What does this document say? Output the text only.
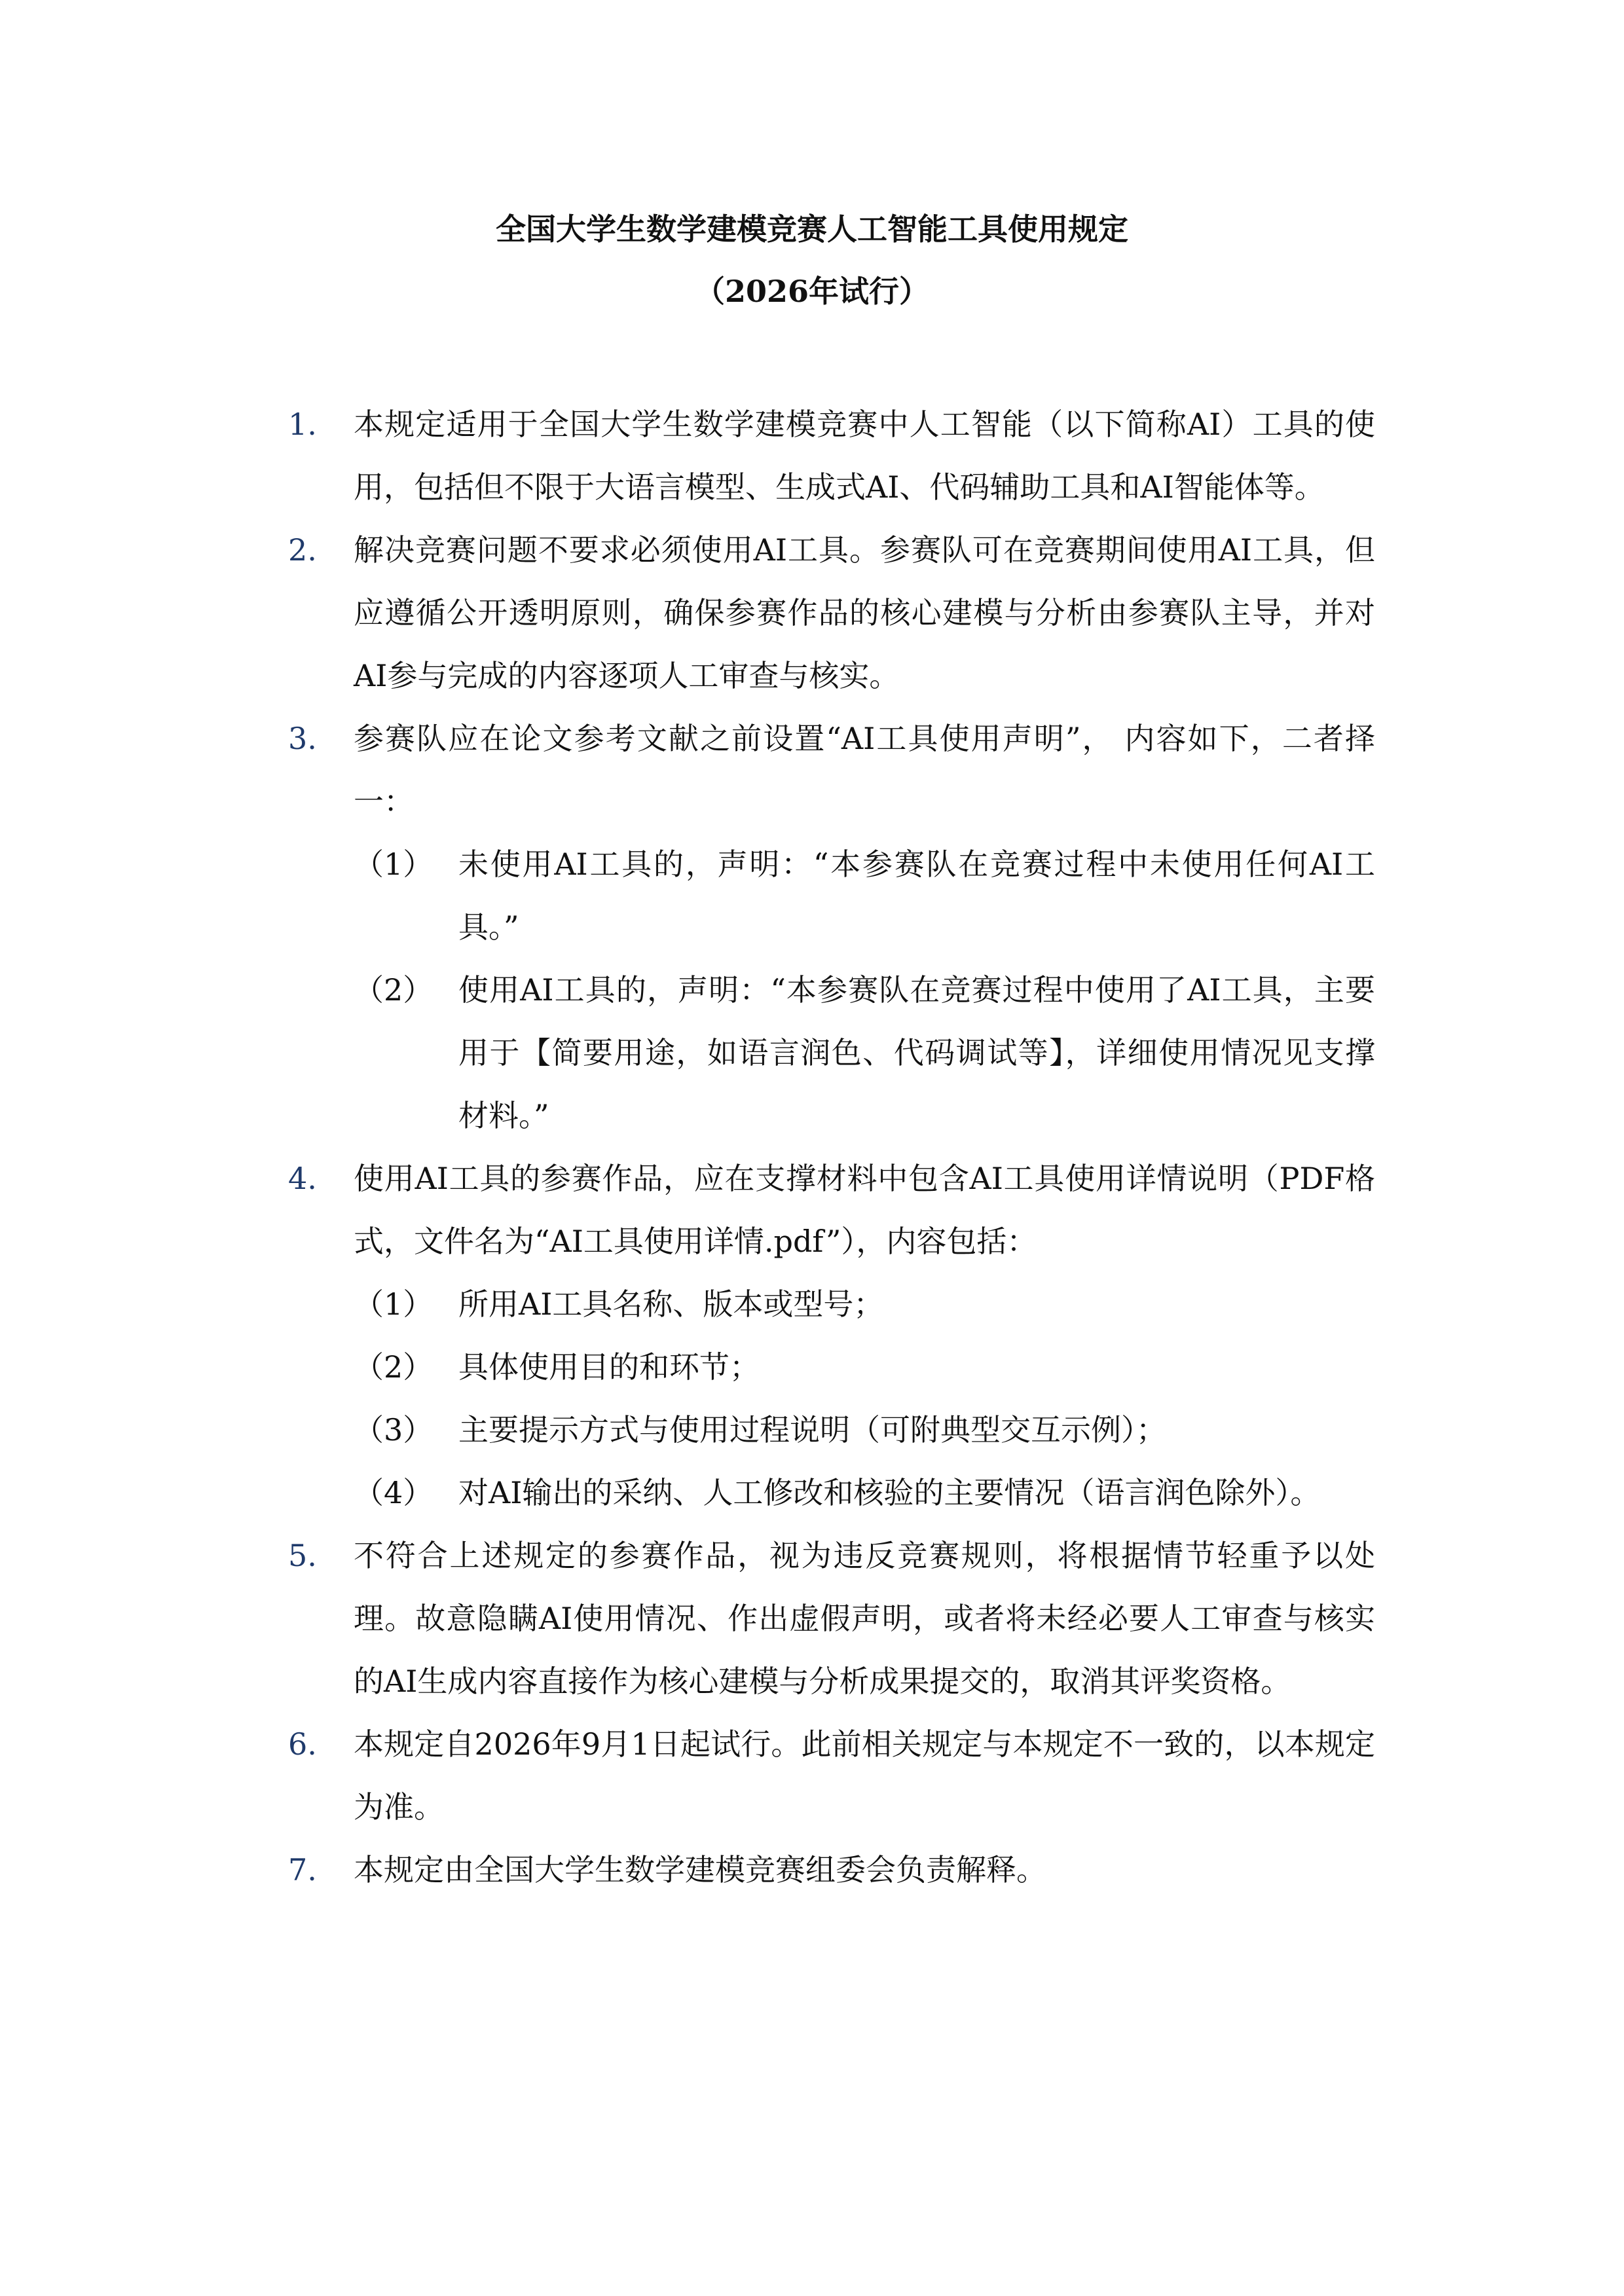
全国大学生数学建模竞赛人工智能工具使用规定
（2026年试行）
1.	本规定适用于全国大学生数学建模竞赛中人工智能（以下简称AI）工具的使用，包括但不限于大语言模型、生成式AI、代码辅助工具和AI智能体等。
2.	解决竞赛问题不要求必须使用AI工具。参赛队可在竞赛期间使用AI工具，但应遵循公开透明原则，确保参赛作品的核心建模与分析由参赛队主导，并对AI参与完成的内容逐项人工审查与核实。
3.	参赛队应在论文参考文献之前设置“AI工具使用声明”， 内容如下，二者择一：
（1） 未使用AI工具的，声明：“本参赛队在竞赛过程中未使用任何AI工具。”
（2） 使用AI工具的，声明：“本参赛队在竞赛过程中使用了AI工具，主要用于【简要用途，如语言润色、代码调试等】，详细使用情况见支撑材料。”
4.	使用AI工具的参赛作品，应在支撑材料中包含AI工具使用详情说明（PDF格式，文件名为“AI工具使用详情.pdf”），内容包括：
（1） 所用AI工具名称、版本或型号；
（2） 具体使用目的和环节；
（3） 主要提示方式与使用过程说明（可附典型交互示例）；
（4） 对AI输出的采纳、人工修改和核验的主要情况（语言润色除外）。
5.	不符合上述规定的参赛作品，视为违反竞赛规则，将根据情节轻重予以处理。故意隐瞒AI使用情况、作出虚假声明，或者将未经必要人工审查与核实的AI生成内容直接作为核心建模与分析成果提交的，取消其评奖资格。
6.	本规定自2026年9月1日起试行。此前相关规定与本规定不一致的，以本规定为准。
7.	本规定由全国大学生数学建模竞赛组委会负责解释。
